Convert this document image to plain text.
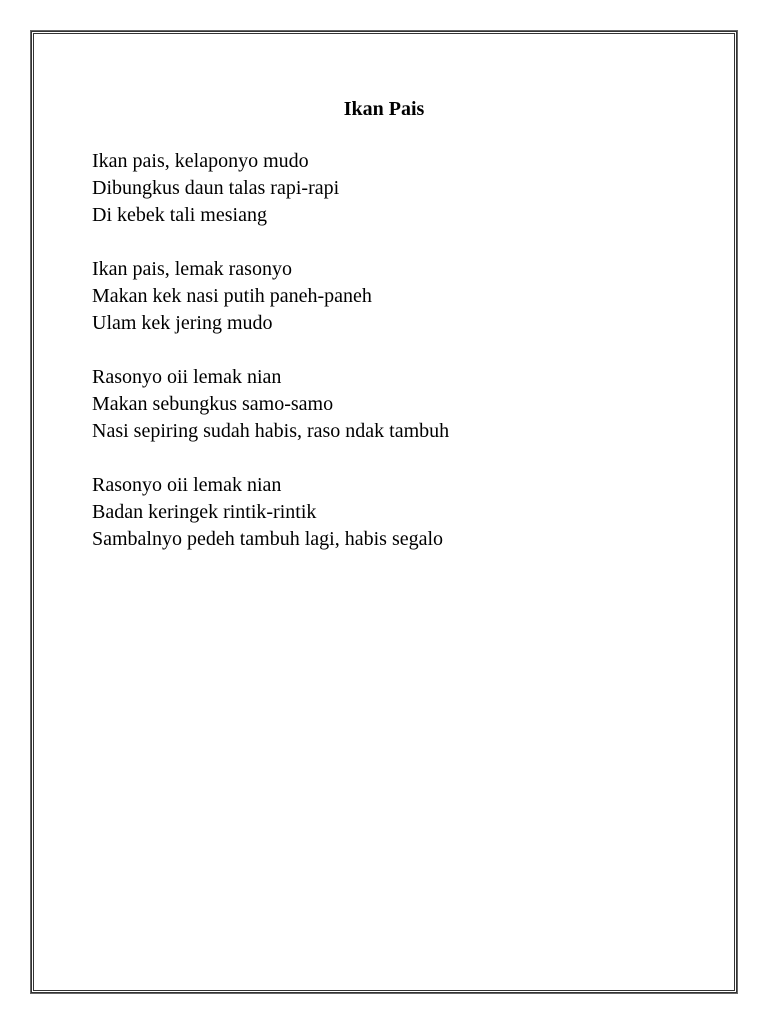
Ikan Pais
Ikan pais, kelaponyo mudo
Dibungkus daun talas rapi-rapi
Di kebek tali mesiang
Ikan pais, lemak rasonyo
Makan kek nasi putih paneh-paneh
Ulam kek jering mudo
Rasonyo oii lemak nian
Makan sebungkus samo-samo
Nasi sepiring sudah habis, raso ndak tambuh
Rasonyo oii lemak nian
Badan keringek rintik-rintik
Sambalnyo pedeh tambuh lagi, habis segalo
